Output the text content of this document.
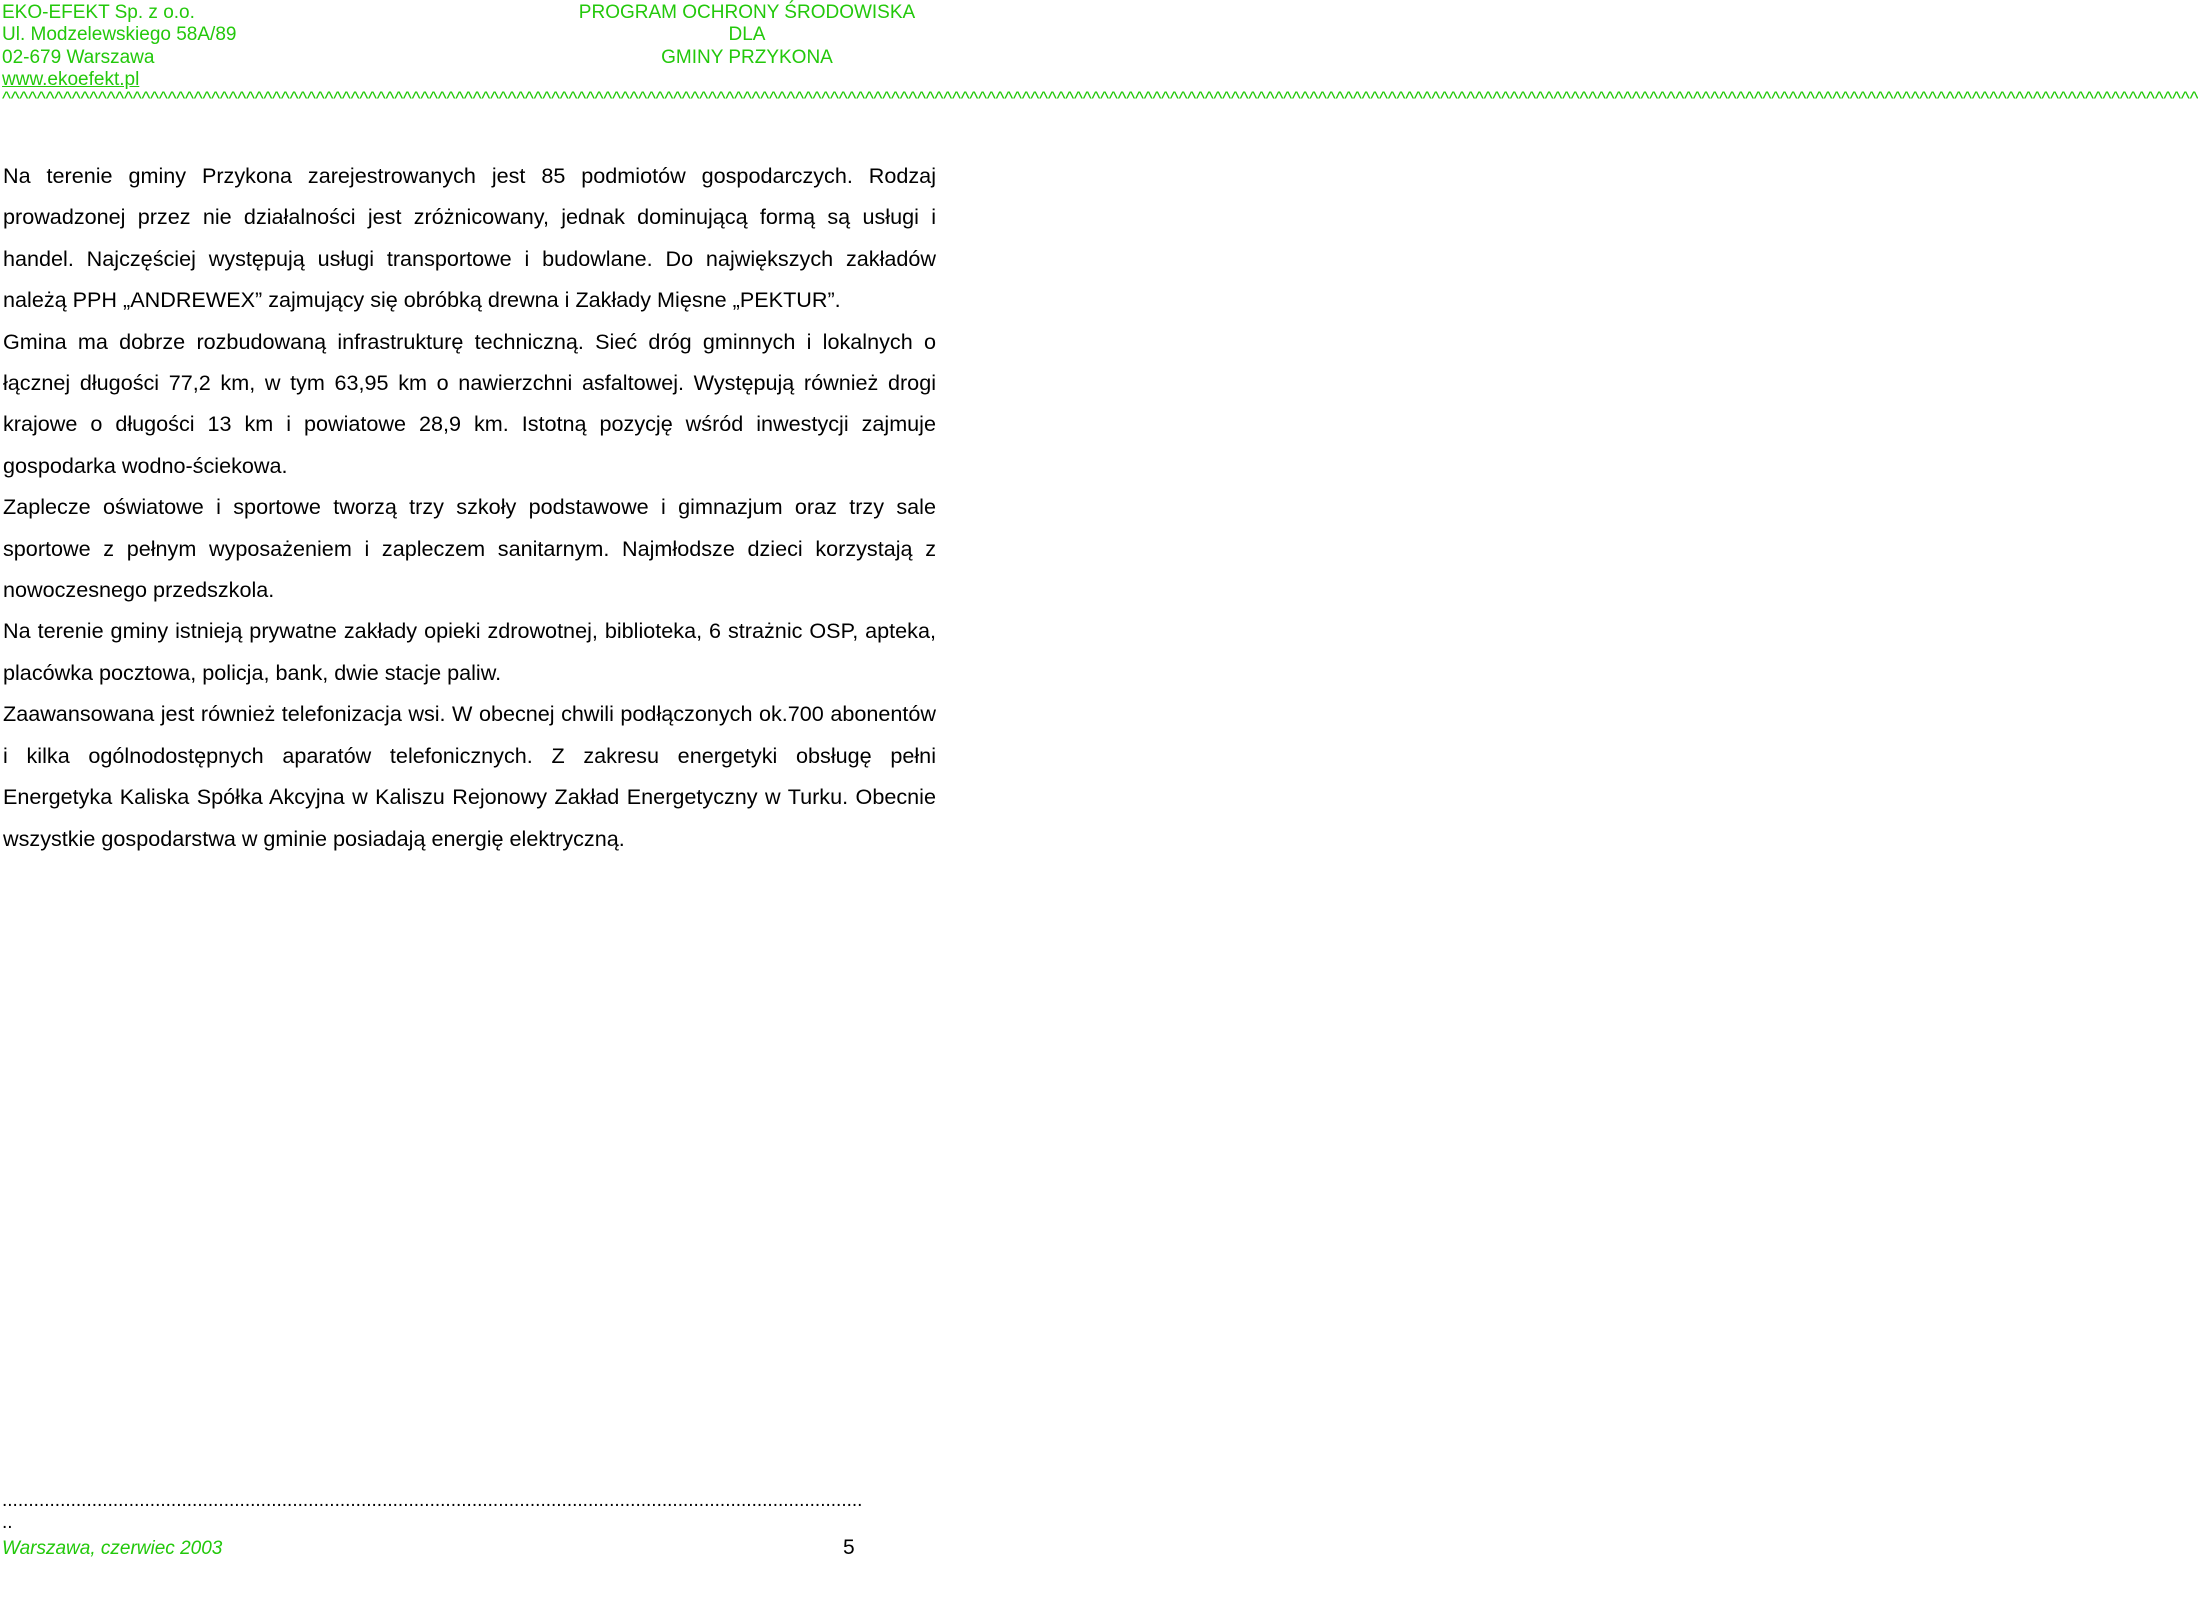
EKO-EFEKT Sp. z o.o.
Ul. Modzelewskiego 58A/89
02-679 Warszawa
www.ekoefekt.pl
PROGRAM OCHRONY ŚRODOWISKA
DLA
GMINY PRZYKONA
^^^^^^^^^^^^^^^^^^^^^^^^^^^^^^^^^^^^^^^^^^^^^^^^^^^^^^^^^^^^^^^^^^^^^^^^^^^^^^^^^^^^^^^^^^^^^^^^^^^^^^^^^^^^^^^^^^^^^^^^^^^^^^^^^^^^^^^^^^^^^^^^^^^^^^^^^^^^^^^^^^^^^^^^^^^^^^^^^^^^^^^^^^^^^^^^^^^^^^^^^^^^^^^^^^^^^^^^^^^^^^^^^^^^^^^^^^^^^^^^^^^^^^^^^^^^

Na terenie gminy Przykona zarejestrowanych jest 85 podmiotów gospodarczych. Rodzaj prowadzonej przez nie działalności jest zróżnicowany, jednak dominującą formą są usługi i handel. Najczęściej występują usługi transportowe i budowlane. Do największych zakładów należą PPH „ANDREWEX” zajmujący się obróbką drewna i Zakłady Mięsne „PEKTUR”.

Gmina ma dobrze rozbudowaną infrastrukturę techniczną. Sieć dróg gminnych i lokalnych o łącznej długości 77,2 km, w tym 63,95 km o nawierzchni asfaltowej. Występują również drogi krajowe o długości 13 km i powiatowe 28,9 km. Istotną pozycję wśród inwestycji zajmuje gospodarka wodno-ściekowa.

Zaplecze oświatowe i sportowe tworzą trzy szkoły podstawowe i gimnazjum oraz trzy sale sportowe z pełnym wyposażeniem i zapleczem sanitarnym. Najmłodsze dzieci korzystają z nowoczesnego przedszkola.

Na terenie gminy istnieją prywatne zakłady opieki zdrowotnej, biblioteka, 6 strażnic OSP, apteka, placówka pocztowa, policja, bank, dwie stacje paliw.

Zaawansowana jest również telefonizacja wsi. W obecnej chwili podłączonych ok.700 abonentów i kilka ogólnodostępnych aparatów telefonicznych. Z zakresu energetyki obsługę pełni Energetyka Kaliska Spółka Akcyjna w Kaliszu Rejonowy Zakład Energetyczny w Turku. Obecnie wszystkie gospodarstwa w gminie posiadają energię elektryczną.

...................................................................................................................................................................
..
Warszawa, czerwiec 2003	5
